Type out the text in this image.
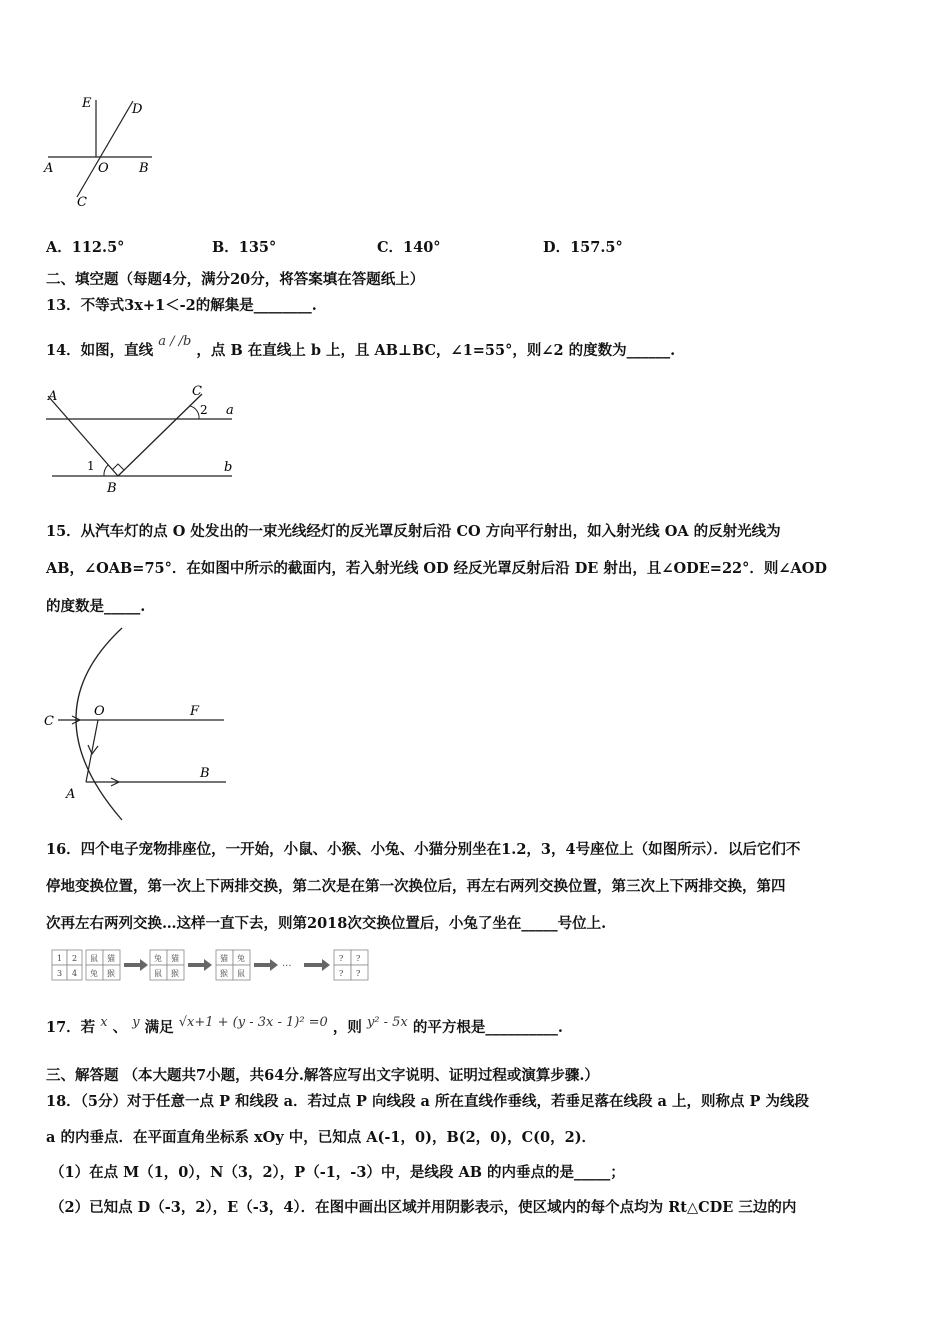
E	D
A	O B
C
A．112.5°	B．135°	C．140°	D．157.5°
二、填空题（每题4分，满分20分，将答案填在答题纸上）
13．不等式3x+1＜-2的解集是________.
14．如图，直线 a / /b ，点 B 在直线上 b 上，且 AB⊥BC，∠1=55°，则∠2 的度数为______.
A	C
2 a
1
B
b
15．从汽车灯的点 O 处发出的一束光线经灯的反光罩反射后沿 CO 方向平行射出，如入射光线 OA 的反射光线为
AB，∠OAB=75°．在如图中所示的截面内，若入射光线 OD 经反光罩反射后沿 DE 射出，且∠ODE=22°．则∠AOD
的度数是_____.
C
O	F
B
A
16．四个电子宠物排座位，一开始，小鼠、小猴、小兔、小猫分别坐在1.2，3，4号座位上（如图所示）．以后它们不
停地变换位置，第一次上下两排交换，第二次是在第一次换位后，再左右两列交换位置，第三次上下两排交换，第四
次再左右两列交换…这样一直下去，则第2018次交换位置后，小兔了坐在_____号位上.
1 2
3 4
鼠 猫
兔 猴
兔 猫
鼠 猴
猫 兔
猴 鼠
···
? ?
? ?
17．若 x 、 y 满足 √x+1 + (y - 3x - 1)² =0 ，则 y² - 5x 的平方根是__________.
三、解答题 （本大题共7小题，共64分.解答应写出文字说明、证明过程或演算步骤.）
18．（5分）对于任意一点 P 和线段 a．若过点 P 向线段 a 所在直线作垂线，若垂足落在线段 a 上，则称点 P 为线段
a 的内垂点．在平面直角坐标系 xOy 中，已知点 A(-1，0)，B(2，0)，C(0，2)．
（1）在点 M（1，0），N（3，2），P（-1，-3）中，是线段 AB 的内垂点的是_____；
（2）已知点 D（-3，2），E（-3，4）．在图中画出区域并用阴影表示，使区域内的每个点均为 Rt△CDE 三边的内
